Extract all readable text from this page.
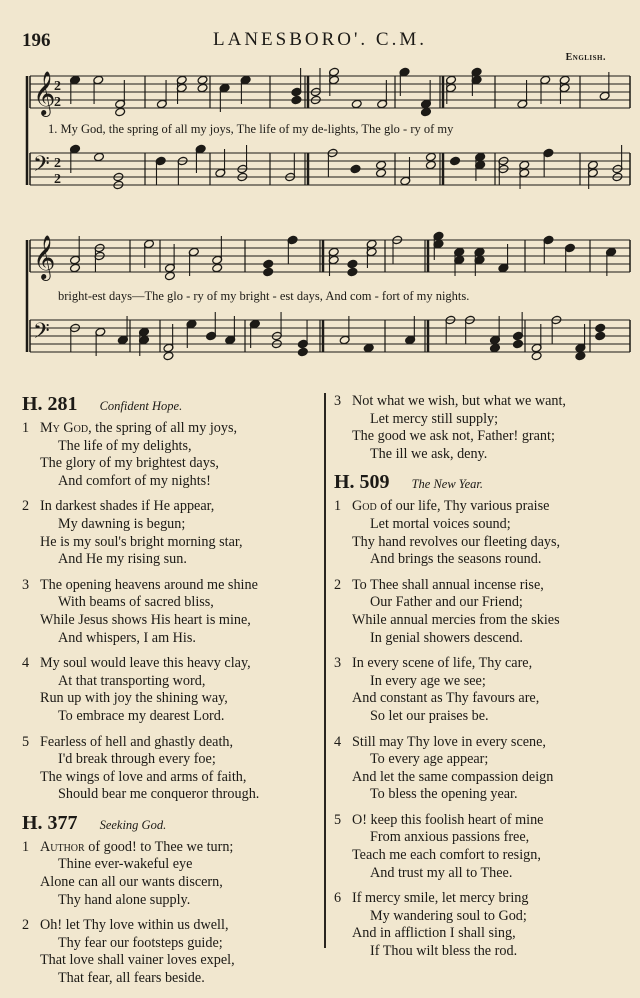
196	LANESBORO'. C.M.
English.
𝄞
2
2
𝄢 2
2
𝄞
𝄢
1. My God, the spring of all my joys, The life of my de-lights, The glo - ry of my
bright-est days—The glo - ry of my bright - est days, And com - fort of my nights.
H. 281 Confident Hope.
1 My God, the spring of all my joys,
The life of my delights,
The glory of my brightest days,
And comfort of my nights!
2 In darkest shades if He appear,
My dawning is begun;
He is my soul's bright morning star,
And He my rising sun.
3 The opening heavens around me shine
With beams of sacred bliss,
While Jesus shows His heart is mine,
And whispers, I am His.
4 My soul would leave this heavy clay,
At that transporting word,
Run up with joy the shining way,
To embrace my dearest Lord.
5 Fearless of hell and ghastly death,
I'd break through every foe;
The wings of love and arms of faith,
Should bear me conqueror through.
H. 377 Seeking God.
1 Author of good! to Thee we turn;
Thine ever-wakeful eye
Alone can all our wants discern,
Thy hand alone supply.
2 Oh! let Thy love within us dwell,
Thy fear our footsteps guide;
That love shall vainer loves expel,
That fear, all fears beside.
3 Not what we wish, but what we want,
Let mercy still supply;
The good we ask not, Father! grant;
The ill we ask, deny.
H. 509 The New Year.
1 God of our life, Thy various praise
Let mortal voices sound;
Thy hand revolves our fleeting days,
And brings the seasons round.
2 To Thee shall annual incense rise,
Our Father and our Friend;
While annual mercies from the skies
In genial showers descend.
3 In every scene of life, Thy care,
In every age we see;
And constant as Thy favours are,
So let our praises be.
4 Still may Thy love in every scene,
To every age appear;
And let the same compassion deign
To bless the opening year.
5 O! keep this foolish heart of mine
From anxious passions free,
Teach me each comfort to resign,
And trust my all to Thee.
6 If mercy smile, let mercy bring
My wandering soul to God;
And in affliction I shall sing,
If Thou wilt bless the rod.
